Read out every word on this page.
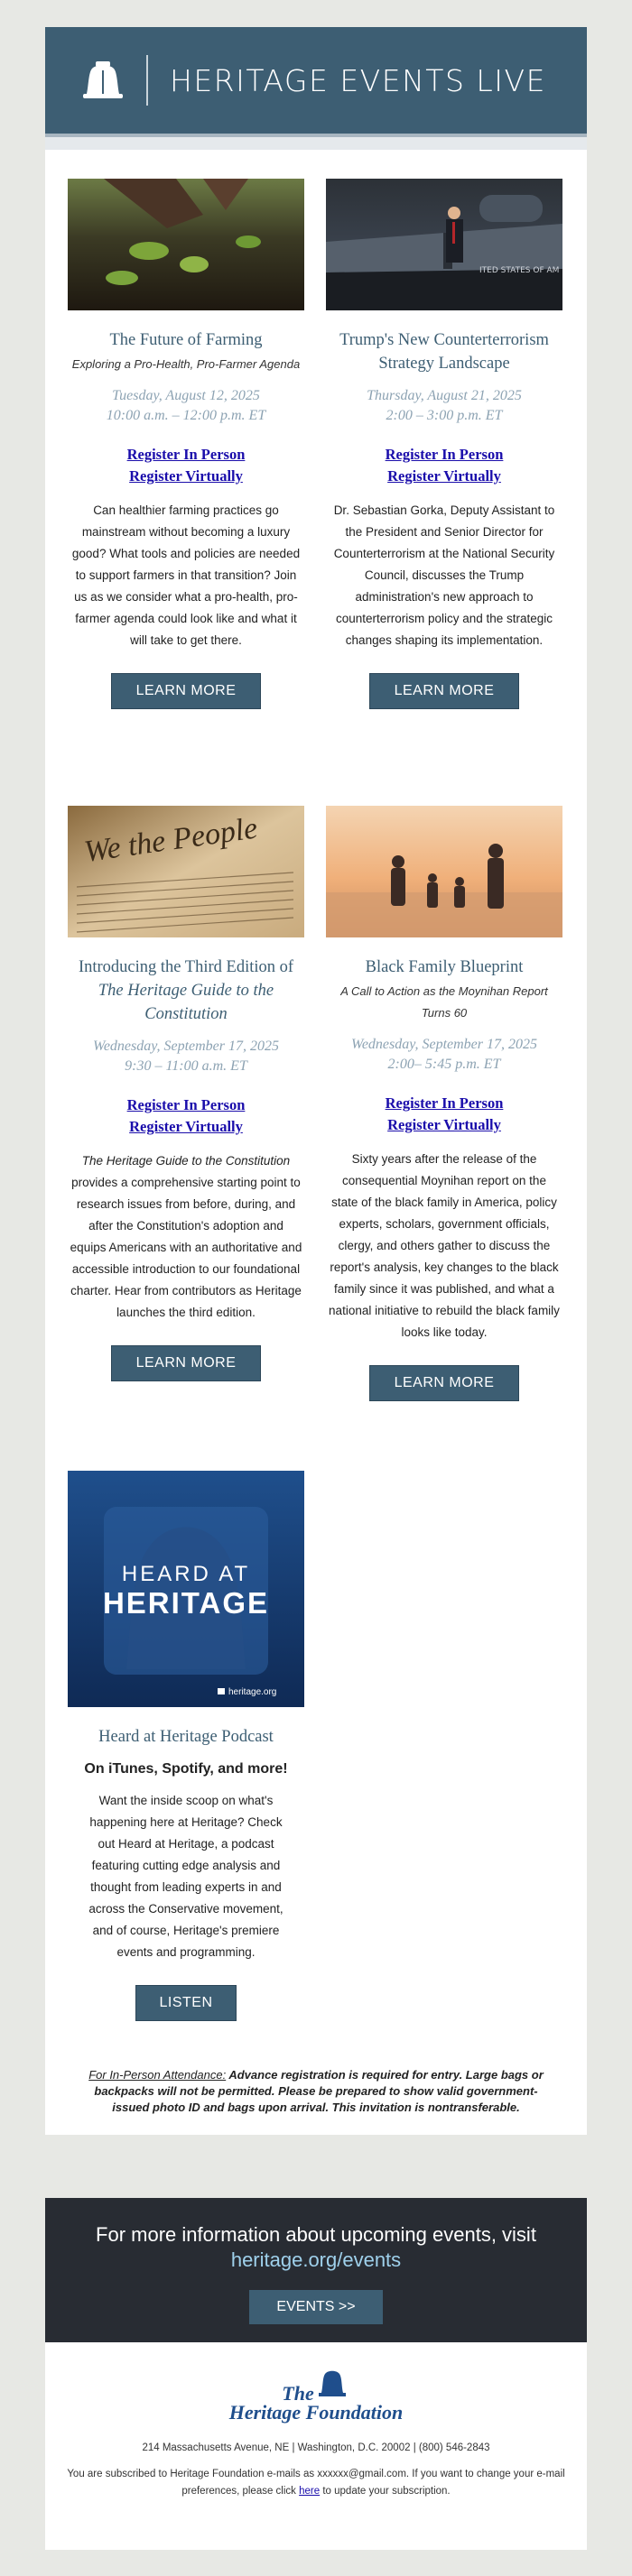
HERITAGE EVENTS LIVE
The Future of Farming
Exploring a Pro-Health, Pro-Farmer Agenda
Tuesday, August 12, 2025
10:00 a.m. – 12:00 p.m. ET
Register In Person
Register Virtually
Can healthier farming practices go mainstream without becoming a luxury good? What tools and policies are needed to support farmers in that transition? Join us as we consider what a pro-health, pro-farmer agenda could look like and what it will take to get there.
LEARN MORE
ITED STATES OF AM
Trump's New Counterterrorism Strategy Landscape
Thursday, August 21, 2025
2:00 – 3:00 p.m. ET
Register In Person
Register Virtually
Dr. Sebastian Gorka, Deputy Assistant to the President and Senior Director for Counterterrorism at the National Security Council, discusses the Trump administration's new approach to counterterrorism policy and the strategic changes shaping its implementation.
LEARN MORE
We the People
Introducing the Third Edition of
The Heritage Guide to the Constitution
Wednesday, September 17, 2025
9:30 – 11:00 a.m. ET
Register In Person
Register Virtually
The Heritage Guide to the Constitution provides a comprehensive starting point to research issues from before, during, and after the Constitution's adoption and equips Americans with an authoritative and accessible introduction to our foundational charter. Hear from contributors as Heritage launches the third edition.
LEARN MORE
Black Family Blueprint
A Call to Action as the Moynihan Report Turns 60
Wednesday, September 17, 2025
2:00– 5:45 p.m. ET
Register In Person
Register Virtually
Sixty years after the release of the consequential Moynihan report on the state of the black family in America, policy experts, scholars, government officials, clergy, and others gather to discuss the report's analysis, key changes to the black family since it was published, and what a national initiative to rebuild the black family looks like today.
LEARN MORE
HEARD AT
HERITAGE
heritage.org
Heard at Heritage Podcast
On iTunes, Spotify, and more!
Want the inside scoop on what's happening here at Heritage? Check out Heard at Heritage, a podcast featuring cutting edge analysis and thought from leading experts in and across the Conservative movement, and of course, Heritage's premiere events and programming.
LISTEN
For In-Person Attendance: Advance registration is required for entry. Large bags or backpacks will not be permitted. Please be prepared to show valid government-issued photo ID and bags upon arrival. This invitation is nontransferable.
For more information about upcoming events, visit
heritage.org/events
EVENTS >>
The

Heritage Foundation
214 Massachusetts Avenue, NE | Washington, D.C. 20002 | (800) 546-2843
You are subscribed to Heritage Foundation e-mails as xxxxxx@gmail.com. If you want to change your e-mail preferences, please click here to update your subscription.
